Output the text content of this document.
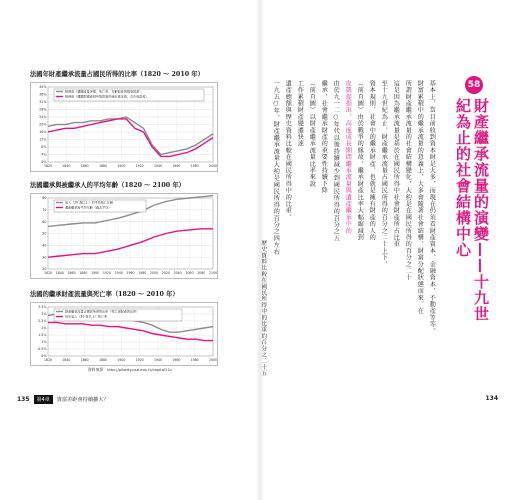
法國年財產繼承流量占國民所得的比率（1820 ～ 2010 年）
0%
4%
8%
12%
16%
20%
24%
28%
32%
36%
40%
1820	1840	1860	1880	1900	1920	1940	1960	1980	2000
經濟流（遺贈流量加總，死亡率、年齡財產規則等因素）
稅務流（遺贈與遺產稅申報與資料統計算定值，含失效誤差）
法國繼承與被繼承人的平均年齡（1820 ～ 2100 年）
20
30
40
50
60
70
80
1820 1840 1860 1880 1900 1920 1940 1960 1980 2000 2020 2040 2060 2080 2100
成人（20 歲以上）的平均死亡年齡
遺產繼承時平均年齡（過去平均）
法國的繼承財產流量與死亡率（1820 ～ 2010 年）
0%
0.5%
1%
1.5%
2%
2.5%
3%
3.5%
1820	1840	1860	1880	1900	1920	1940	1960	1980	2000
財產繼承流量占國民所得的比率（死亡者財產的比率）
每年成人（20 歲以上）死亡率
資料來源：http://piketty.pse.ens.fr/capital21c
135	第4章	資富差距會持續擴大？
58
財產繼承流量的演變——十九世紀為止的社會結構中心
基本上，當目前收到資本財是大多，而現在仍須看財產資本，金融資本，不動產等等。
財富累積中的繼承流量的意義上，大多會隨著社會結構，財富分配狀態而來。在
所謂財產繼承流量的社會結構變化，大約是在國民所得的百分之二十
這是因為繼承流量是基於在國民所得中社會財產所占比重
至十九世紀為止，財產繼承流量占國民所得的百分之二十上下，
資本規則，社會中的繼承財產，也就是擁有財產的人的
（前頁圖）由於戰爭的緣故，繼承財產比率大幅縮減到
皮凱提指出，高度成長期間繼承流量與遺產繼承中的
由於九一二○年代以後持續減少到國民所得的百分之五
繼承，社會繼承財產的重要性持續下降
（前頁圖）以財產繼承流量比率來說
工作累積財產變遷快速
遺產總額與歷史資料比較在國民所得中的比重。
一九五○年，財產繼承流量大約是國民所得的百分之四左右
歷史資料比較在國民所得中的比重約百分之二十五
134
